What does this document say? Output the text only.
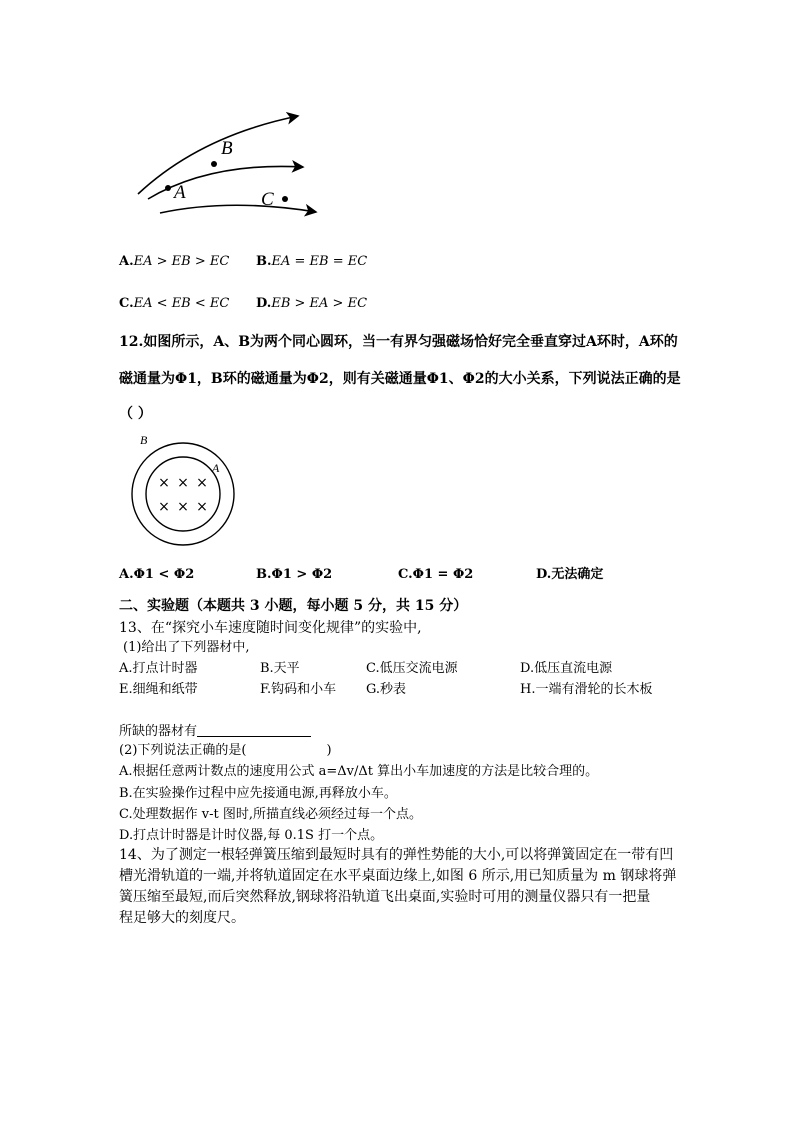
A
B
C
A.EA > EB > EC B.EA = EB = EC
C.EA < EB < EC D.EB > EA > EC
12.如图所示，A、B为两个同心圆环，当一有界匀强磁场恰好完全垂直穿过A环时，A环的
磁通量为Φ1，B环的磁通量为Φ2，则有关磁通量Φ1、Φ2的大小关系，下列说法正确的是
（ ）
B
A
× × ×
× × ×
A.Φ1 < Φ2	B.Φ1 > Φ2	C.Φ1 = Φ2	D.无法确定
二、实验题（本题共 3 小题，每小题 5 分，共 15 分）
13、在“探究小车速度随时间变化规律”的实验中,
(1)给出了下列器材中,
A.打点计时器	B.天平	C.低压交流电源	D.低压直流电源
E.细绳和纸带	F.钩码和小车 G.秒表	H.一端有滑轮的长木板
所缺的器材有
(2)下列说法正确的是(	)
A.根据任意两计数点的速度用公式 a=Δv/Δt 算出小车加速度的方法是比较合理的。
B.在实验操作过程中应先接通电源,再释放小车。
C.处理数据作 v-t 图时,所描直线必须经过每一个点。
D.打点计时器是计时仪器,每 0.1S 打一个点。
14、为了测定一根轻弹簧压缩到最短时具有的弹性势能的大小,可以将弹簧固定在一带有凹
槽光滑轨道的一端,并将轨道固定在水平桌面边缘上,如图 6 所示,用已知质量为 m 钢球将弹
簧压缩至最短,而后突然释放,钢球将沿轨道飞出桌面,实验时可用的测量仪器只有一把量
程足够大的刻度尺。
